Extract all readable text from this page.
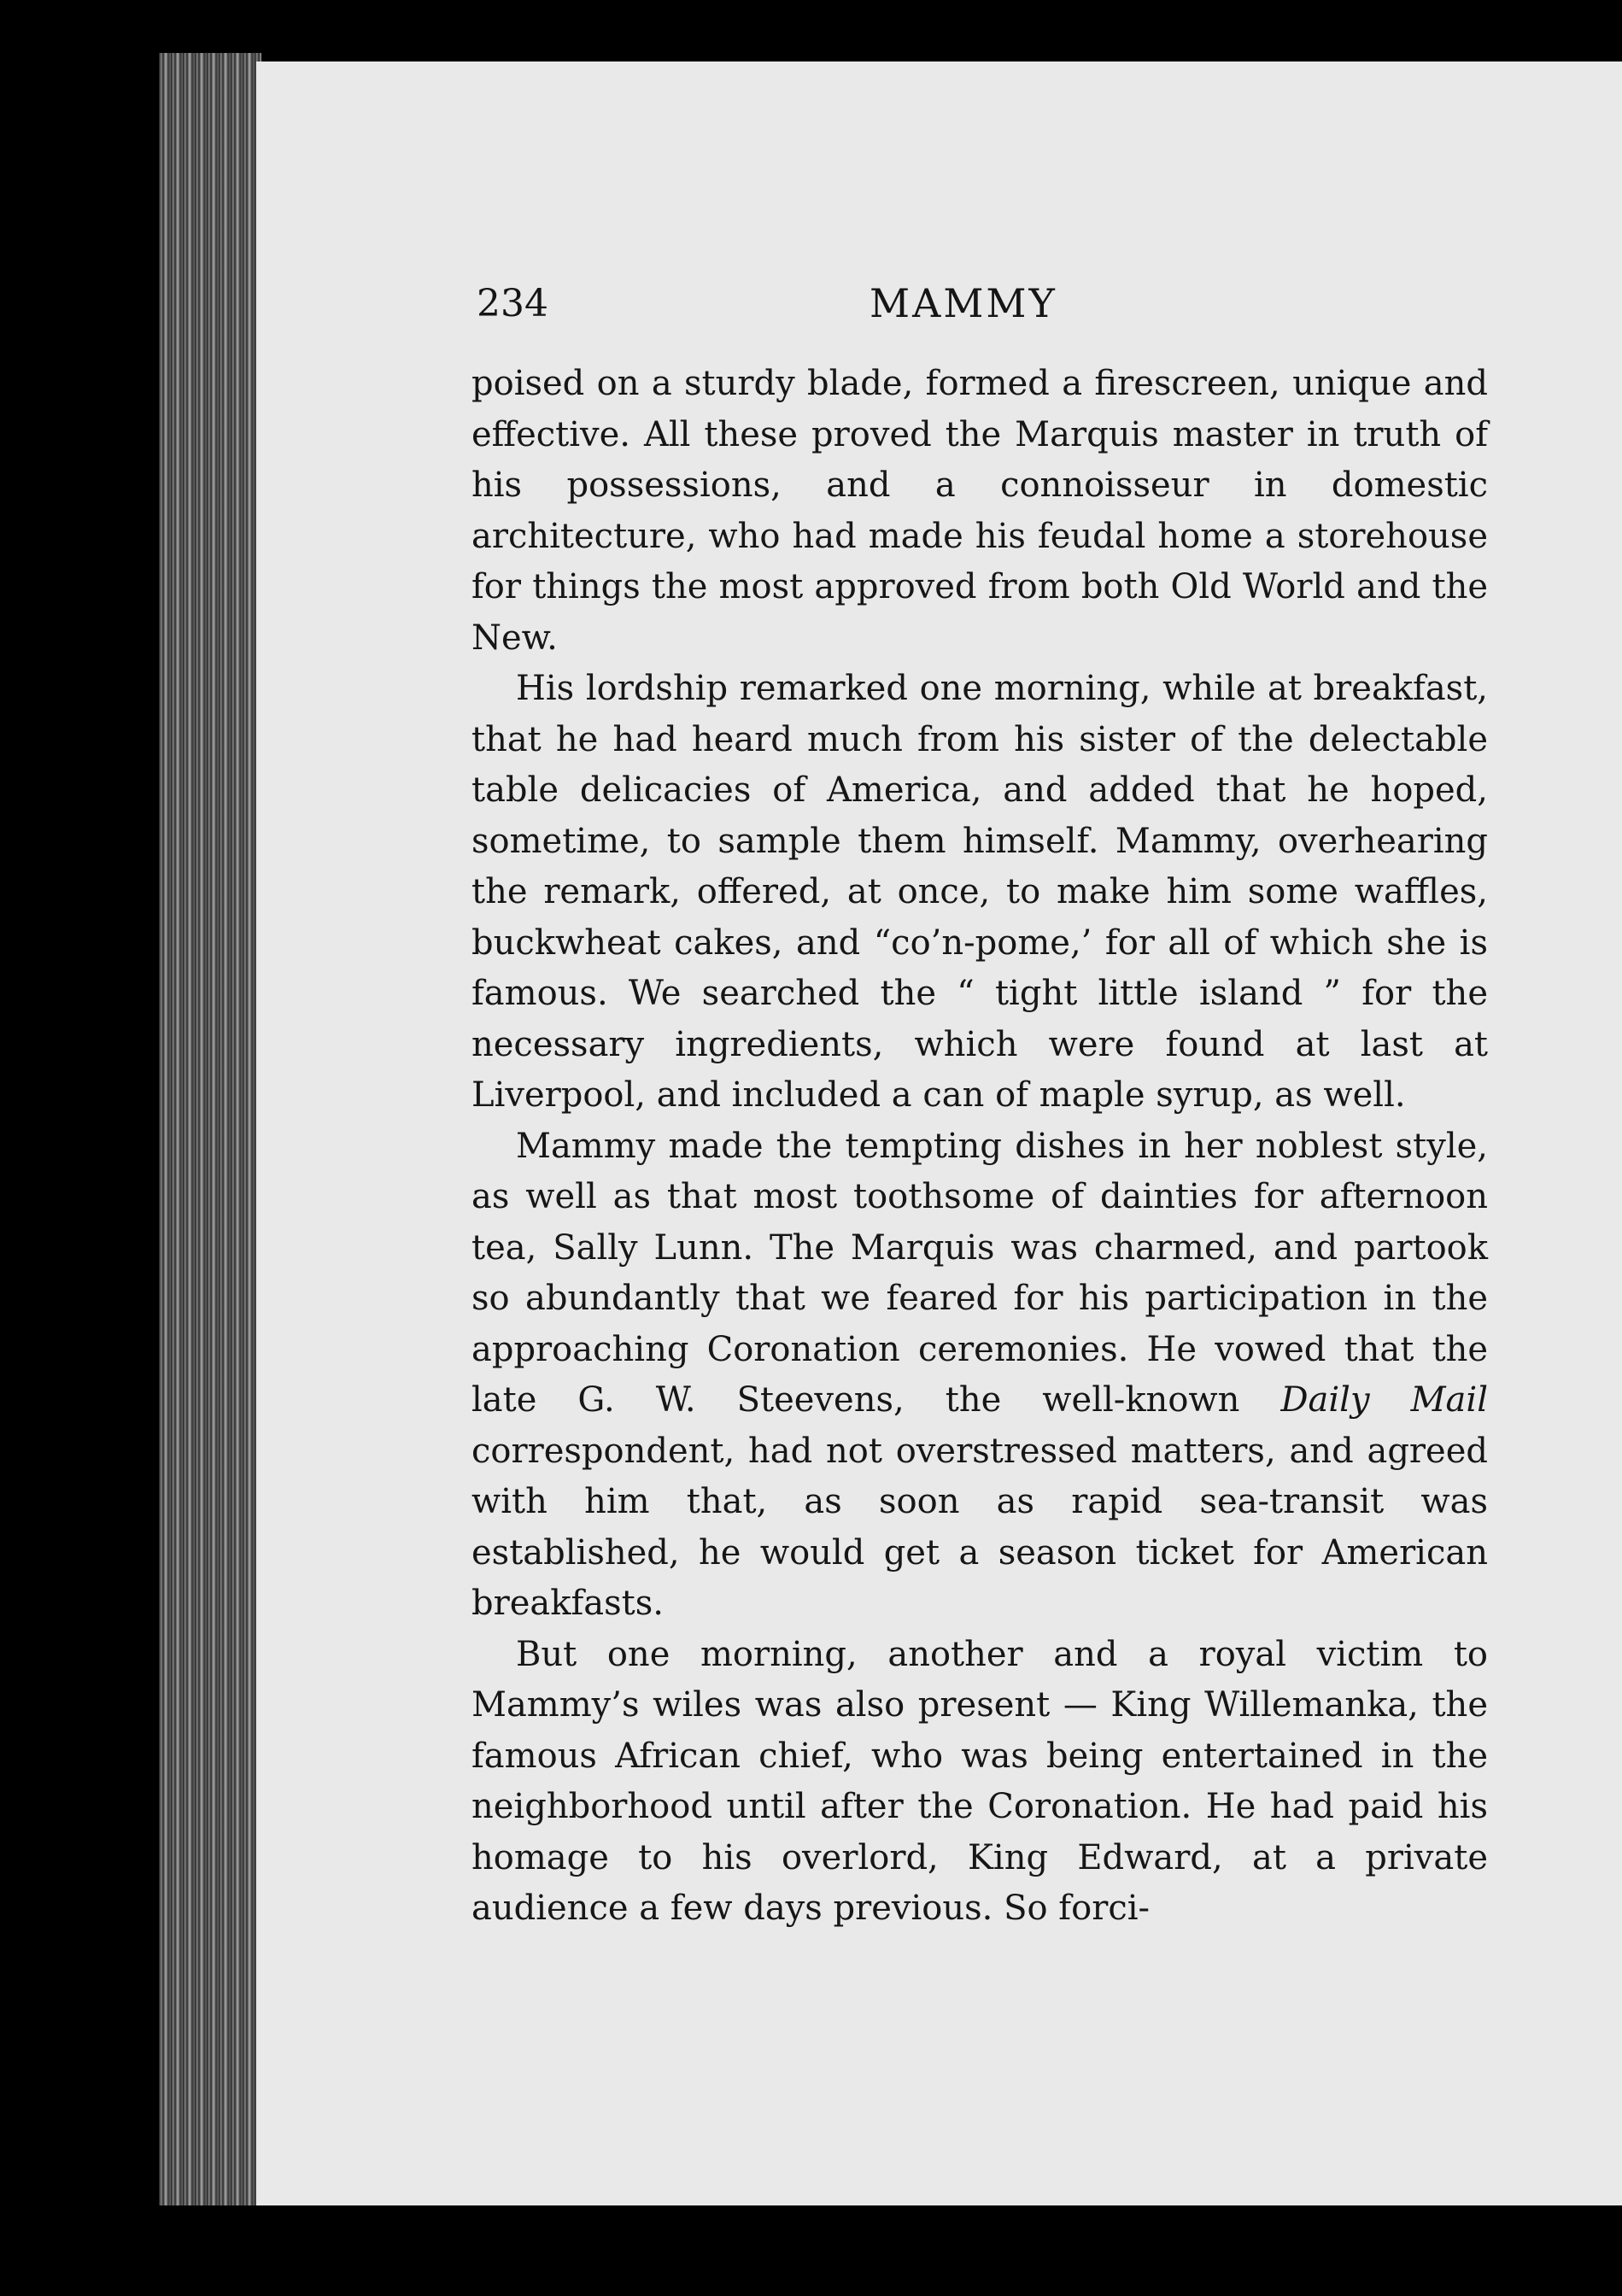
234	MAMMY

poised on a sturdy blade, formed a firescreen, unique and effective. All these proved the Marquis master in truth of his possessions, and a connoisseur in domestic architecture, who had made his feudal home a storehouse for things the most approved from both Old World and the New.

His lordship remarked one morning, while at breakfast, that he had heard much from his sister of the delectable table delicacies of America, and added that he hoped, sometime, to sample them himself. Mammy, overhearing the remark, offered, at once, to make him some waffles, buckwheat cakes, and “co’n-pome,’ for all of which she is famous. We searched the “ tight little island ” for the necessary ingredients, which were found at last at Liverpool, and included a can of maple syrup, as well.

Mammy made the tempting dishes in her noblest style, as well as that most toothsome of dainties for afternoon tea, Sally Lunn. The Marquis was charmed, and partook so abundantly that we feared for his participation in the approaching Coronation ceremonies. He vowed that the late G. W. Steevens, the well-known Daily Mail correspondent, had not overstressed matters, and agreed with him that, as soon as rapid sea-transit was established, he would get a season ticket for American breakfasts.

But one morning, another and a royal victim to Mammy’s wiles was also present — King Willemanka, the famous African chief, who was being entertained in the neighborhood until after the Coronation. He had paid his homage to his overlord, King Edward, at a private audience a few days previous. So forci-
